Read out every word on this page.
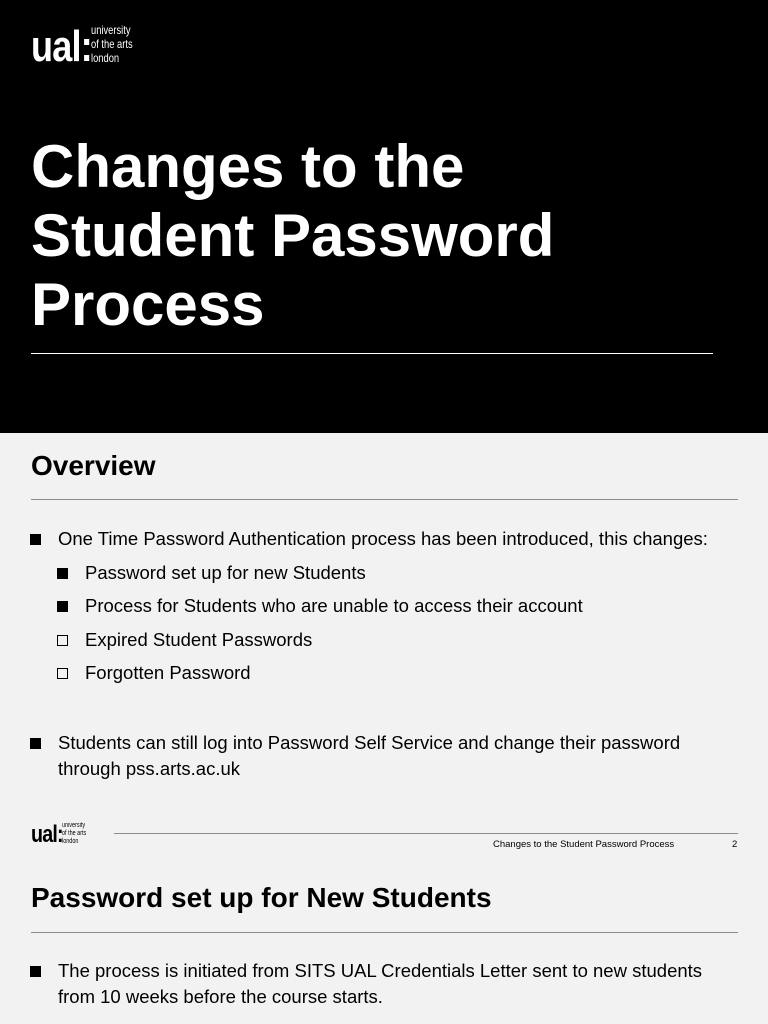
ual: university
of the arts
london
Changes to the
Student Password
Process
Overview
One Time Password Authentication process has been introduced, this changes:
Password set up for new Students
Process for Students who are unable to access their account
Expired Student Passwords
Forgotten Password
Students can still log into Password Self Service and change their password through pss.arts.ac.uk
ual: university
of the arts
london	Changes to the Student Password Process	2
Password set up for New Students
The process is initiated from SITS UAL Credentials Letter sent to new students from 10 weeks before the course starts.
